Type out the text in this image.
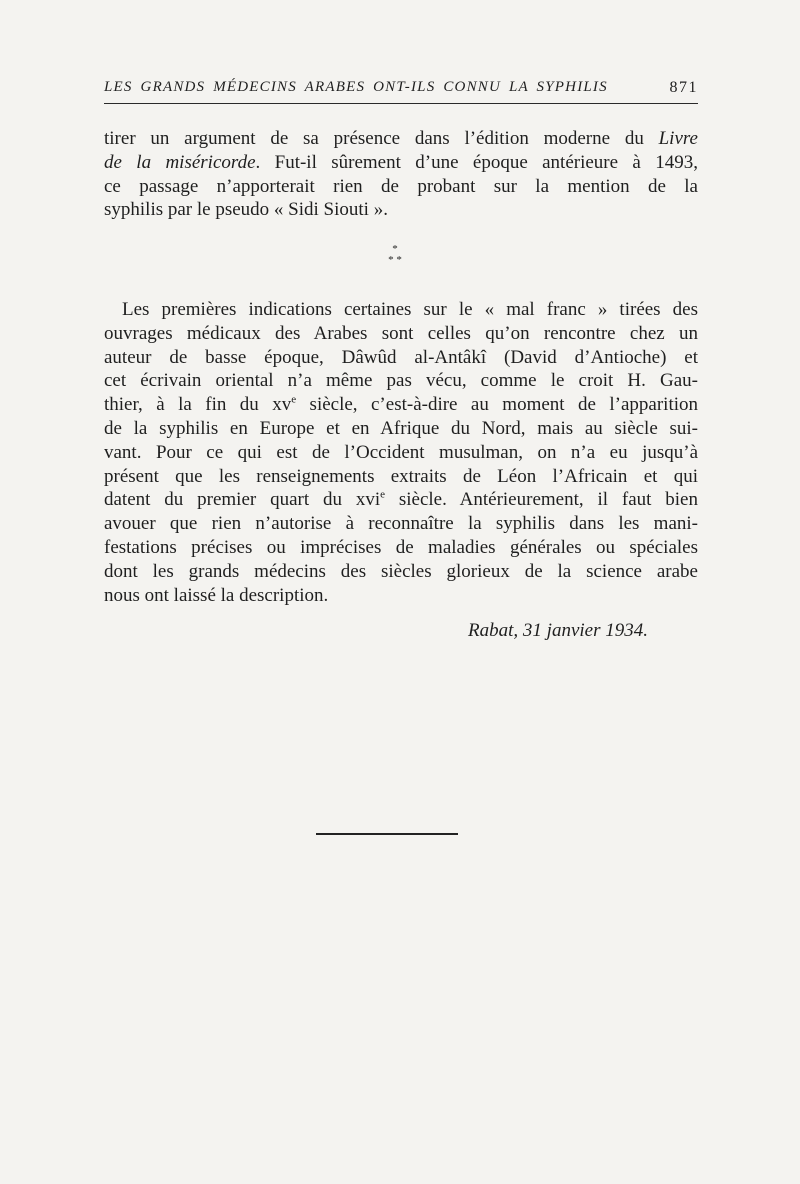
LES GRANDS MÉDECINS ARABES ONT-ILS CONNU LA SYPHILIS	871
tirer un argument de sa présence dans l’édition moderne du Livre
de la miséricorde. Fut-il sûrement d’une époque antérieure à 1493,
ce passage n’apporterait rien de probant sur la mention de la
syphilis par le pseudo « Sidi Siouti ».
*
* *
Les premières indications certaines sur le « mal franc » tirées des
ouvrages médicaux des Arabes sont celles qu’on rencontre chez un
auteur de basse époque, Dâwûd al-Antâkî (David d’Antioche) et
cet écrivain oriental n’a même pas vécu, comme le croit H. Gau-
thier, à la fin du $xv^e$ siècle, c’est-à-dire au moment de l’apparition
de la syphilis en Europe et en Afrique du Nord, mais au siècle sui-
vant. Pour ce qui est de l’Occident musulman, on n’a eu jusqu’à
présent que les renseignements extraits de Léon l’Africain et qui
datent du premier quart du xvi$^e$ siècle. Antérieurement, il faut bien
avouer que rien n’autorise à reconnaître la syphilis dans les mani-
festations précises ou imprécises de maladies générales ou spéciales
dont les grands médecins des siècles glorieux de la science arabe
nous ont laissé la description.
Rabat, 31 janvier 1934.
